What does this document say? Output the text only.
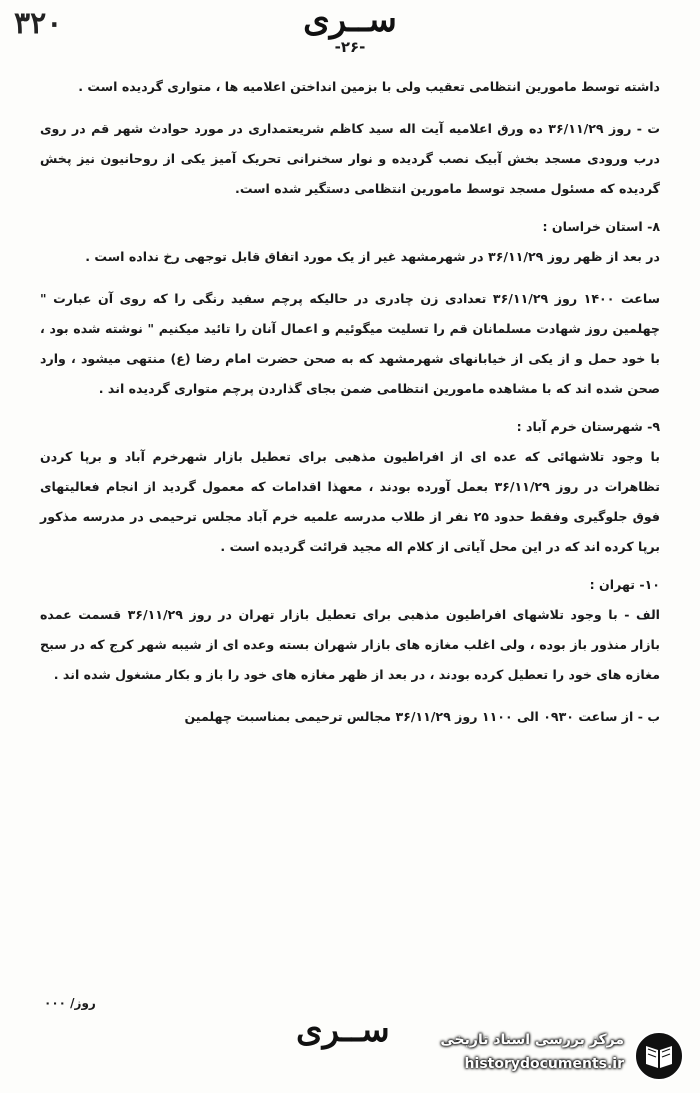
۳۲۰	ســری
-۲۶-

داشته توسط مامورین انتظامی تعقیب ولی با بزمین انداختن اعلامیه ها ، متواری گردیده است .

ت - روز ۳۶/۱۱/۲۹ ده ورق اعلامیه آیت اله سید کاظم شریعتمداری در مورد حوادث شهر قم در روی درب ورودی مسجد بخش آبیک نصب گردیده و نوار سخنرانی تحریک آمیز یکی از روحانیون نیز پخش گردیده که مسئول مسجد توسط مامورین انتظامی دستگیر شده است.

۸- استان خراسان :

در بعد از ظهر روز ۳۶/۱۱/۲۹ در شهرمشهد غیر از یک مورد اتفاق قابل توجهی رخ نداده است .

ساعت ۱۴۰۰ روز ۳۶/۱۱/۲۹ تعدادی زن چادری در حالیکه پرچم سفید رنگی را که روی آن عبارت " چهلمین روز شهادت مسلمانان قم را تسلیت میگوئیم و اعمال آنان را تائید میکنیم " نوشته شده بود ، با خود حمل و از یکی از خیابانهای شهرمشهد که به صحن حضرت امام رضا (ع) منتهی میشود ، وارد صحن شده اند که با مشاهده مامورین انتظامی ضمن بجای گذاردن پرچم متواری گردیده اند .

۹- شهرستان خرم آباد :

با وجود تلاشهائی که عده ای از افراطیون مذهبی برای تعطیل بازار شهرخرم آباد و برپا کردن تظاهرات در روز ۳۶/۱۱/۲۹ بعمل آورده بودند ، معهذا اقدامات که معمول گردید از انجام فعالیتهای فوق جلوگیری وفقط حدود ۲۵ نفر از طلاب مدرسه علمیه خرم آباد مجلس ترحیمی در مدرسه مذکور برپا کرده اند که در این محل آیاتی از کلام اله مجید قرائت گردیده است .

۱۰- تهران :

الف - با وجود تلاشهای افراطیون مذهبی برای تعطیل بازار تهران در روز ۳۶/۱۱/۲۹ قسمت عمده بازار منذور باز بوده ، ولی اغلب مغازه های بازار شهران بسته وعده ای از شیبه شهر کرج که در سبح مغازه های خود را تعطیل کرده بودند ، در بعد از ظهر مغازه های خود را باز و بکار مشغول شده اند .

ب - از ساعت ۰۹۳۰ الی ۱۱۰۰ روز ۳۶/۱۱/۲۹ مجالس ترحیمی بمناسبت چهلمین

روز/ ۰۰۰
ســری	مرکز بررسی اسناد تاریخی
historydocuments.ir
